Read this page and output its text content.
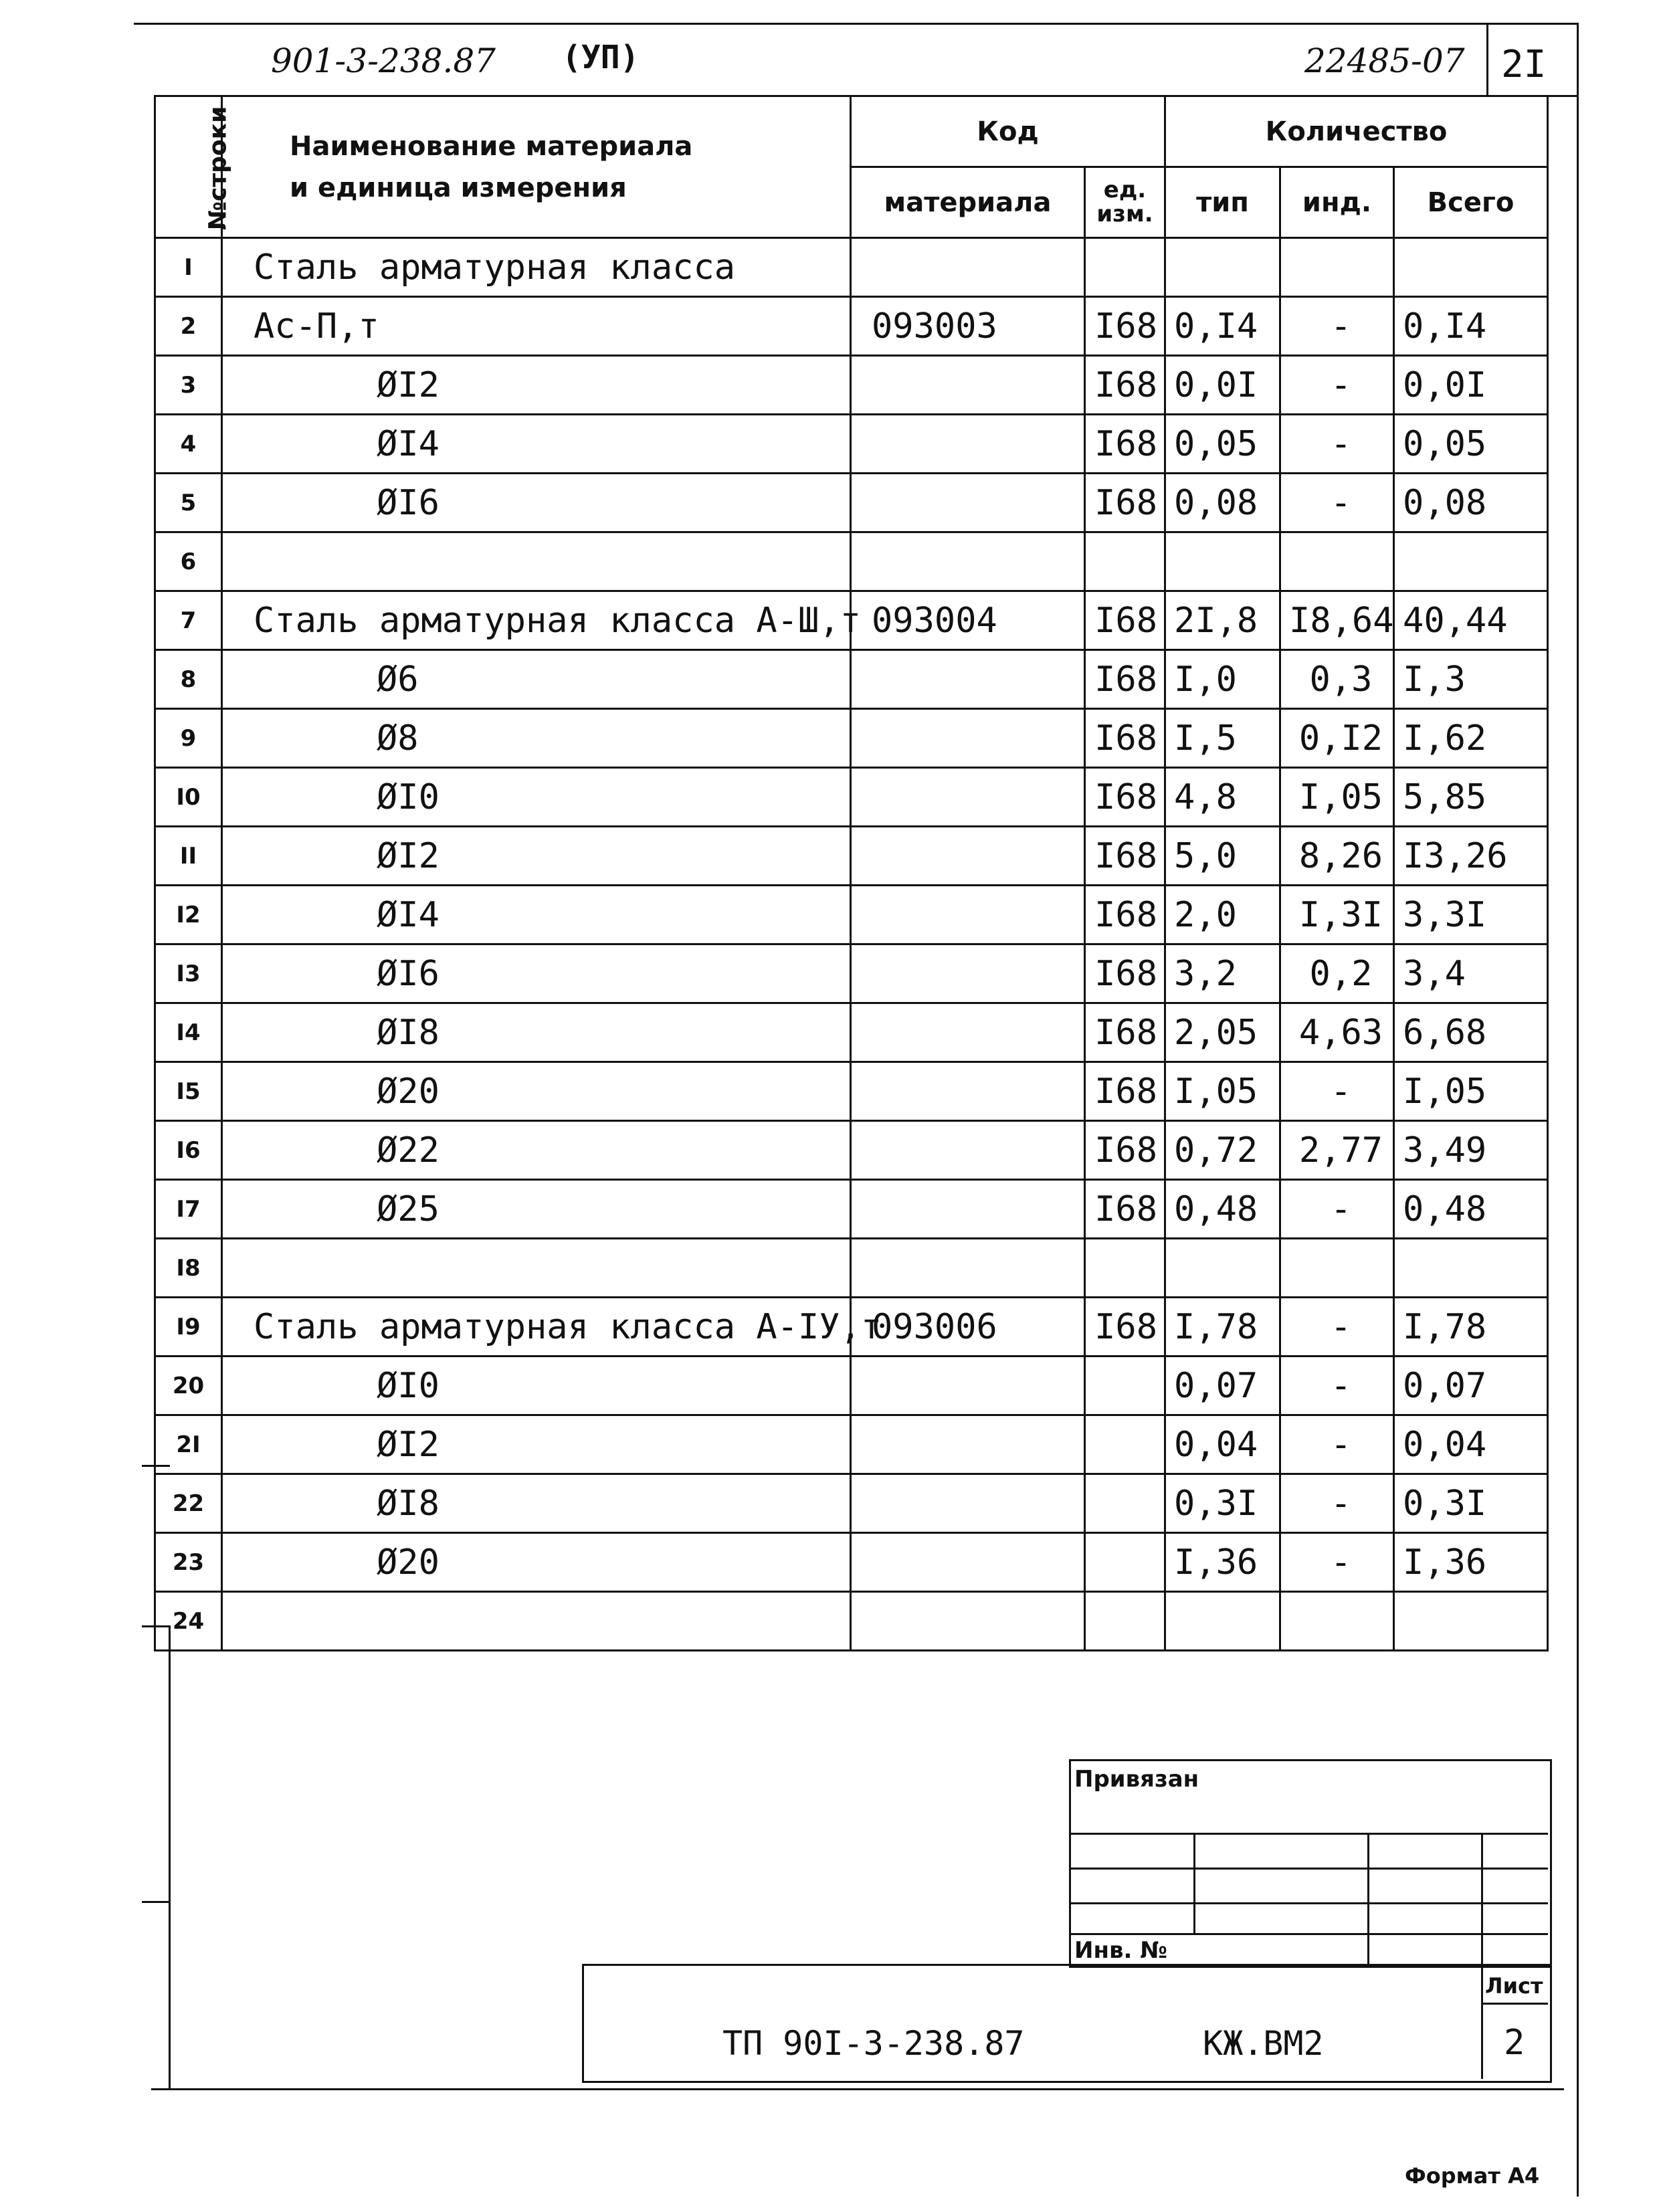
901-3-238.87 (УП)	22485-07 2I
№строки	Наименование материала
и единица измерения	Код		Количество		
		материала	ед.
изм.	тип	инд.	Всего
I	Сталь арматурная класса					
2	Ас-П,т	093003	I68	0,I4	-	0,I4
3	ØI2		I68	0,0I	-	0,0I
4	ØI4		I68	0,05	-	0,05
5	ØI6		I68	0,08	-	0,08
6						
7	Сталь арматурная класса А-Ш,т	093004	I68	2I,8	I8,64	40,44
8	Ø6		I68	I,0	0,3	I,3
9	Ø8		I68	I,5	0,I2	I,62
I0	ØI0		I68	4,8	I,05	5,85
II	ØI2		I68	5,0	8,26	I3,26
I2	ØI4		I68	2,0	I,3I	3,3I
I3	ØI6		I68	3,2	0,2	3,4
I4	ØI8		I68	2,05	4,63	6,68
I5	Ø20		I68	I,05	-	I,05
I6	Ø22		I68	0,72	2,77	3,49
I7	Ø25		I68	0,48	-	0,48
I8						
I9	Сталь арматурная класса А-IУ,т	093006	I68	I,78	-	I,78
20	ØI0			0,07	-	0,07
2I	ØI2			0,04	-	0,04
22	ØI8			0,3I	-	0,3I
23	Ø20			I,36	-	I,36
24						
Привязан
Инв. №
ТП 90I-3-238.87	КЖ.ВМ2
Лист
2
Формат А4
